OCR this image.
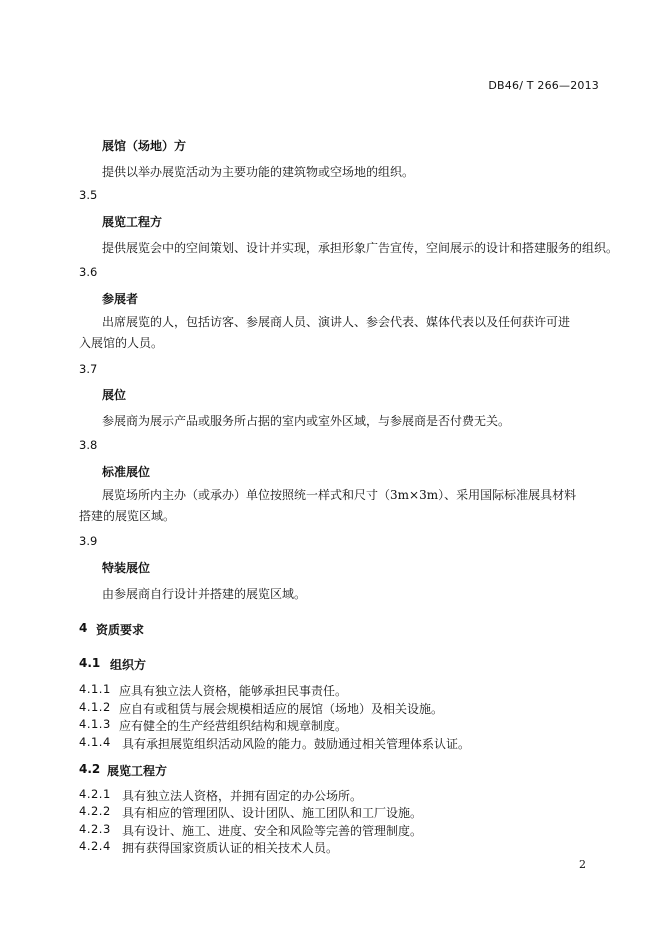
DB46/ T 266—2013
展馆（场地）方
提供以举办展览活动为主要功能的建筑物或空场地的组织。
3.5
展览工程方
提供展览会中的空间策划、设计并实现，承担形象广告宣传，空间展示的设计和搭建服务的组织。
3.6
参展者
出席展览的人，包括访客、参展商人员、演讲人、参会代表、媒体代表以及任何获许可进入展馆的人员。
3.7
展位
参展商为展示产品或服务所占据的室内或室外区域，与参展商是否付费无关。
3.8
标准展位
展览场所内主办（或承办）单位按照统一样式和尺寸（3m×3m）、采用国际标准展具材料搭建的展览区域。
3.9
特装展位
由参展商自行设计并搭建的展览区域。
4 资质要求
4.1 组织方
4.1.1 应具有独立法人资格，能够承担民事责任。
4.1.2 应自有或租赁与展会规模相适应的展馆（场地）及相关设施。
4.1.3 应有健全的生产经营组织结构和规章制度。
4.1.4 具有承担展览组织活动风险的能力。鼓励通过相关管理体系认证。
4.2 展览工程方
4.2.1 具有独立法人资格，并拥有固定的办公场所。
4.2.2 具有相应的管理团队、设计团队、施工团队和工厂设施。
4.2.3 具有设计、施工、进度、安全和风险等完善的管理制度。
4.2.4 拥有获得国家资质认证的相关技术人员。
2
